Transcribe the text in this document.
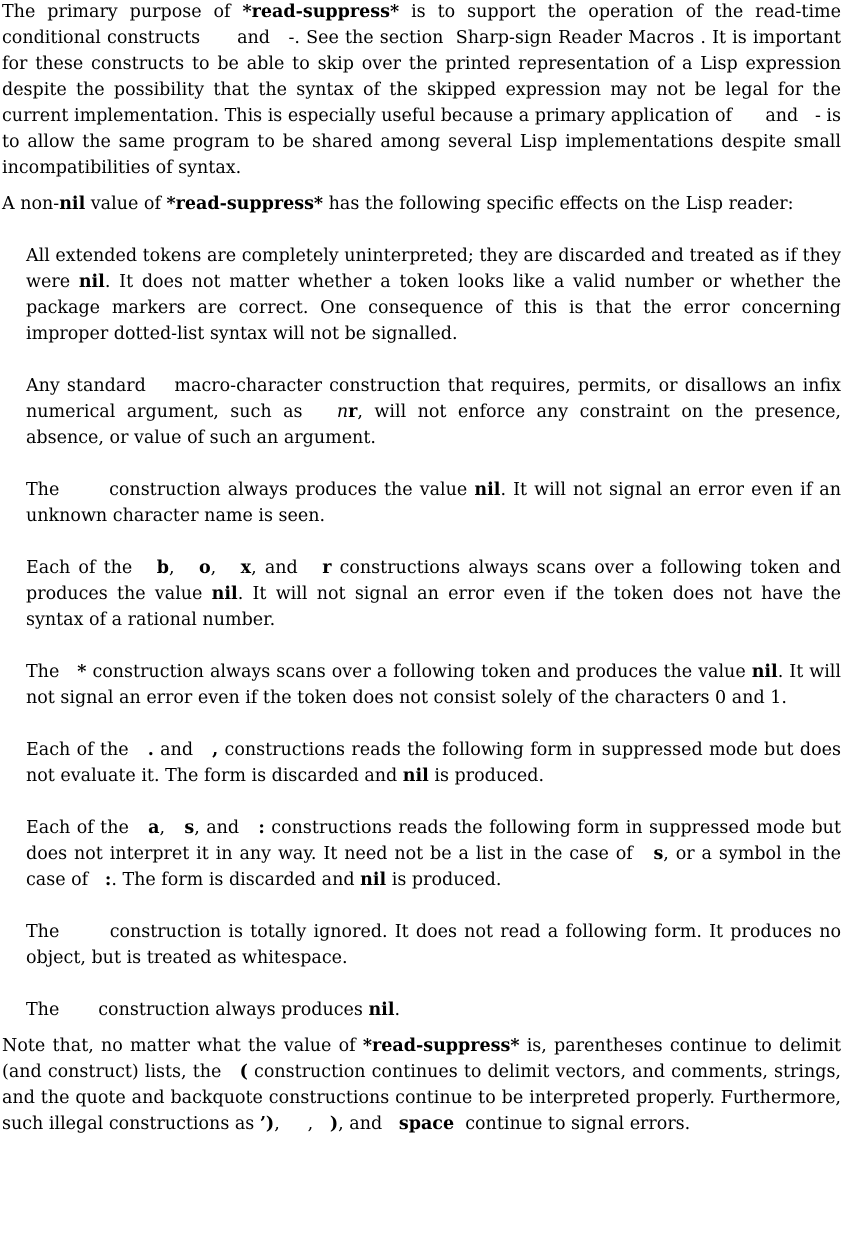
The primary purpose of *read-suppress* is to support the operation of the read-time conditional constructs      and   -. See the section  Sharp-sign Reader Macros . It is important for these constructs to be able to skip over the printed representation of a Lisp expression despite the possibility that the syntax of the skipped expression may not be legal for the current implementation. This is especially useful because a primary application of      and   - is to allow the same program to be shared among several Lisp implementations despite small incompatibilities of syntax.

A non-nil value of *read-suppress* has the following specific effects on the Lisp reader:

All extended tokens are completely uninterpreted; they are discarded and treated as if they were nil. It does not matter whether a token looks like a valid number or whether the package markers are correct. One consequence of this is that the error concerning improper dotted-list syntax will not be signalled.
Any standard    macro-character construction that requires, permits, or disallows an infix numerical argument, such as   nr, will not enforce any constraint on the presence, absence, or value of such an argument.
The       construction always produces the value nil. It will not signal an error even if an unknown character name is seen.
Each of the   b,   o,   x, and   r constructions always scans over a following token and produces the value nil. It will not signal an error even if the token does not have the syntax of a rational number.
The   * construction always scans over a following token and produces the value nil. It will not signal an error even if the token does not consist solely of the characters 0 and 1.
Each of the   . and   , constructions reads the following form in suppressed mode but does not evaluate it. The form is discarded and nil is produced.
Each of the   a,   s, and   : constructions reads the following form in suppressed mode but does not interpret it in any way. It need not be a list in the case of   s, or a symbol in the case of   :. The form is discarded and nil is produced.
The       construction is totally ignored. It does not read a following form. It produces no object, but is treated as whitespace.
The       construction always produces nil.

Note that, no matter what the value of *read-suppress* is, parentheses continue to delimit (and construct) lists, the   ( construction continues to delimit vectors, and comments, strings, and the quote and backquote constructions continue to be interpreted properly. Furthermore, such illegal constructions as ’),     ,   ), and   space  continue to signal errors.
